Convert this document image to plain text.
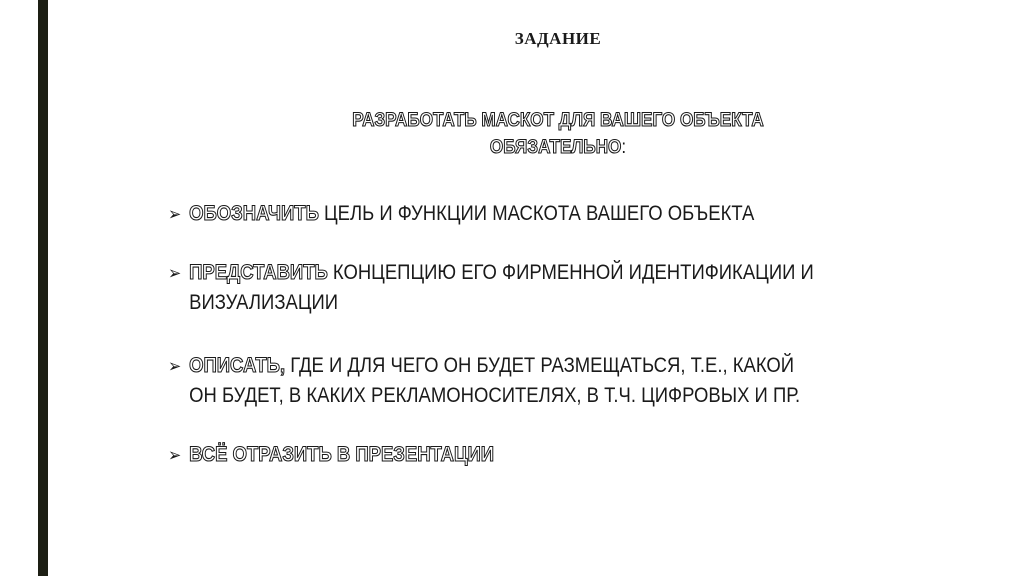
ЗАДАНИЕ
РАЗРАБОТАТЬ МАСКОТ ДЛЯ ВАШЕГО ОБЪЕКТА
ОБЯЗАТЕЛЬНО:
➢ ОБОЗНАЧИТЬ ЦЕЛЬ И ФУНКЦИИ МАСКОТА ВАШЕГО ОБЪЕКТА
➢ ПРЕДСТАВИТЬ КОНЦЕПЦИЮ ЕГО ФИРМЕННОЙ ИДЕНТИФИКАЦИИ И
ВИЗУАЛИЗАЦИИ
➢ ОПИСАТЬ, ГДЕ И ДЛЯ ЧЕГО ОН БУДЕТ РАЗМЕЩАТЬСЯ, Т.Е., КАКОЙ
ОН БУДЕТ, В КАКИХ РЕКЛАМОНОСИТЕЛЯХ, В Т.Ч. ЦИФРОВЫХ И ПР.
➢ ВСЁ ОТРАЗИТЬ В ПРЕЗЕНТАЦИИ
